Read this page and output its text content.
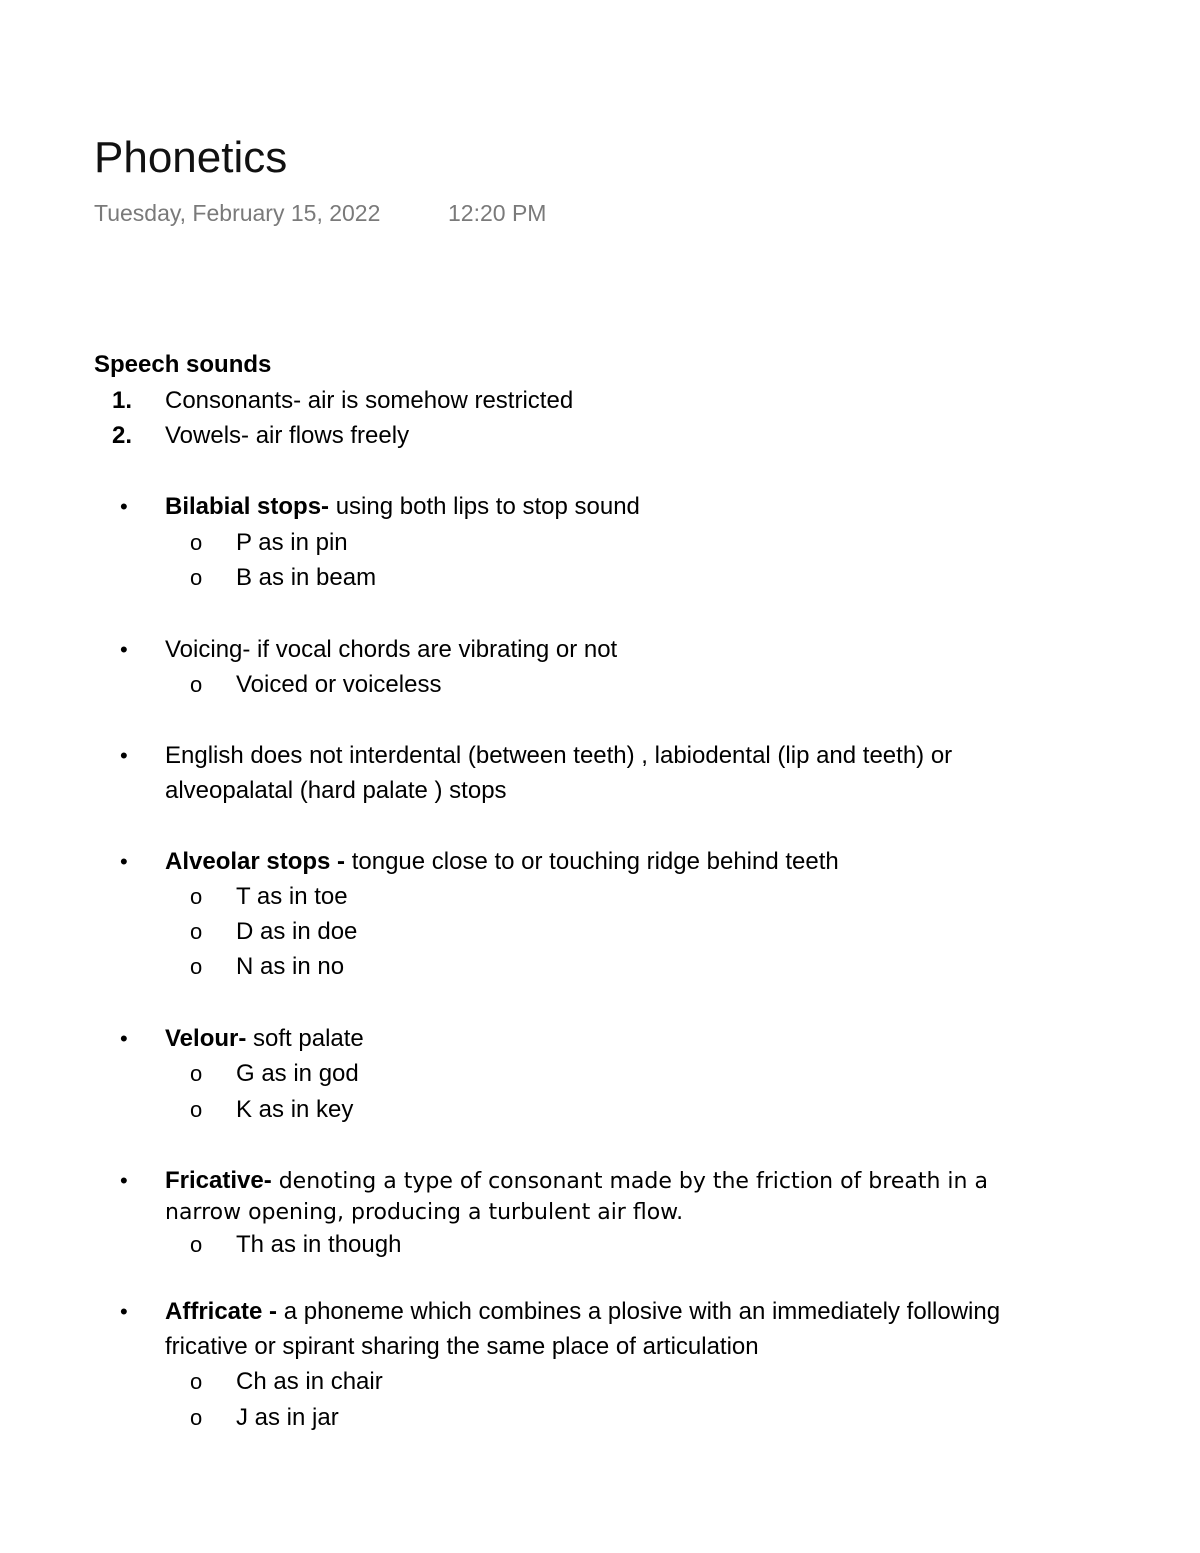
Phonetics
Tuesday, February 15, 2022	12:20 PM
Speech sounds
1. Consonants- air is somehow restricted
2. Vowels- air flows freely
• Bilabial stops- using both lips to stop sound
o P as in pin
o B as in beam
• Voicing- if vocal chords are vibrating or not
o Voiced or voiceless
• English does not interdental (between teeth) , labiodental (lip and teeth) or
alveopalatal (hard palate ) stops
• Alveolar stops - tongue close to or touching ridge behind teeth
o T as in toe
o D as in doe
o N as in no
• Velour- soft palate
o G as in god
o K as in key
• Fricative- denoting a type of consonant made by the friction of breath in a
narrow opening, producing a turbulent air flow.
o Th as in though
• Affricate - a phoneme which combines a plosive with an immediately following
fricative or spirant sharing the same place of articulation
o Ch as in chair
o J as in jar
